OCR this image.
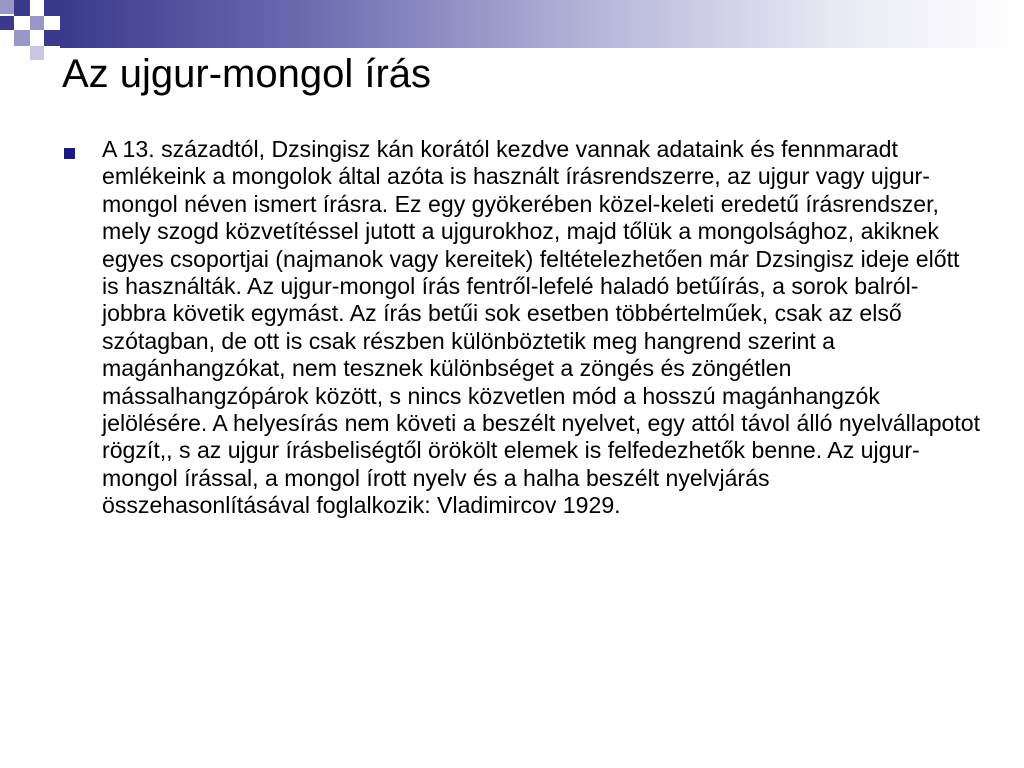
Az ujgur-mongol írás

A 13. századtól, Dzsingisz kán korától kezdve vannak adataink és fennmaradt emlékeink a mongolok által azóta is használt írásrendszerre, az ujgur vagy ujgur-mongol néven ismert írásra. Ez egy gyökerében közel-keleti eredetű írásrendszer, mely szogd közvetítéssel jutott a ujgurokhoz, majd tőlük a mongolsághoz, akiknek egyes csoportjai (najmanok vagy kereitek) feltételezhetően már Dzsingisz ideje előtt is használták. Az ujgur-mongol írás fentről-lefelé haladó betűírás, a sorok balról-jobbra követik egymást. Az írás betűi sok esetben többértelműek, csak az első szótagban, de ott is csak részben különböztetik meg hangrend szerint a magánhangzókat, nem tesznek különbséget a zöngés és zöngétlen mássalhangzópárok között, s nincs közvetlen mód a hosszú magánhangzók jelölésére. A helyesírás nem követi a beszélt nyelvet, egy attól távol álló nyelvállapotot rögzít,, s az ujgur írásbeliségtől örökölt elemek is felfedezhetők benne. Az ujgur-mongol írással, a mongol írott nyelv és a halha beszélt nyelvjárás összehasonlításával foglalkozik: Vladimircov 1929.
